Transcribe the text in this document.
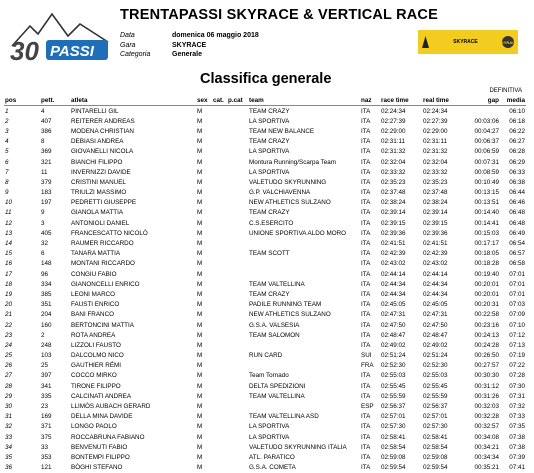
30 PASSI
TRENTAPASSI SKYRACE & VERTICAL RACE
Data	domenica 06 maggio 2018
Gara	SKYRACE
Categoria	Generale
SKYRACE	SKYRACE
Classifica generale
DEFINITIVA
pos	pett.	atleta	sex	cat.	p.cat	team	naz	race time	real time	gap	media
1	4	PINTARELLI GIL	M			TEAM CRAZY	ITA	02:24:34	02:24:34		06:10
2	407	REITERER ANDREAS	M			LA SPORTIVA	ITA	02:27:39	02:27:39	00:03:06	06:18
3	386	MODENA CHRISTIAN	M			TEAM NEW BALANCE	ITA	02:29:00	02:29:00	00:04:27	06:22
4	8	DEBIASI ANDREA	M			TEAM CRAZY	ITA	02:31:11	02:31:11	00:06:37	06:27
5	369	GIOVANELLI NICOLA	M			LA SPORTIVA	ITA	02:31:32	02:31:32	00:06:59	06:28
6	321	BIANCHI FILIPPO	M			Montura Running/Scarpa Team	ITA	02:32:04	02:32:04	00:07:31	06:29
7	11	INVERNIZZI DAVIDE	M			LA SPORTIVA	ITA	02:33:32	02:33:32	00:08:59	06:33
8	379	CRISTINI MANUEL	M			VALETUDO SKYRUNNING	ITA	02:35:23	02:35:23	00:10:49	06:38
9	183	TRIULZI MASSIMO	M			G.P. VALCHIAVENNA	ITA	02:37:48	02:37:48	00:13:15	06:44
10	197	PEDRETTI GIUSEPPE	M			NEW ATHLETICS SULZANO	ITA	02:38:24	02:38:24	00:13:51	06:46
11	9	GIANOLA MATTIA	M			TEAM CRAZY	ITA	02:39:14	02:39:14	00:14:40	06:48
12	3	ANTONIOLI DANIEL	M			C.S.ESERCITO	ITA	02:39:15	02:39:15	00:14:41	06:48
13	405	FRANCESCATTO NICOLÒ	M			UNIONE SPORTIVA ALDO MORO	ITA	02:39:36	02:39:36	00:15:03	06:49
14	32	RAUMER RICCARDO	M				ITA	02:41:51	02:41:51	00:17:17	06:54
15	6	TANARA MATTIA	M			TEAM SCOTT	ITA	02:42:39	02:42:39	00:18:05	06:57
16	148	MONTANI RICCARDO	M				ITA	02:43:02	02:43:02	00:18:28	06:58
17	96	CONGIU FABIO	M				ITA	02:44:14	02:44:14	00:19:40	07:01
18	334	GIANONCELLI ENRICO	M			TEAM VALTELLINA	ITA	02:44:34	02:44:34	00:20:01	07:01
19	385	LEONI MARCO	M			TEAM CRAZY	ITA	02:44:34	02:44:34	00:20:01	07:01
20	351	FAUSTI ENRICO	M			PADILE RUNNING TEAM	ITA	02:45:05	02:45:05	00:20:31	07:03
21	204	BANI FRANCO	M			NEW ATHLETICS SULZANO	ITA	02:47:31	02:47:31	00:22:58	07:09
22	160	BERTONCINI MATTIA	M			G.S.A. VALSESIA	ITA	02:47:50	02:47:50	00:23:16	07:10
23	2	ROTA ANDREA	M			TEAM SALOMON	ITA	02:48:47	02:48:47	00:24:13	07:12
24	248	LIZZOLI FAUSTO	M				ITA	02:49:02	02:49:02	00:24:28	07:13
25	103	DALCOLMO NICO	M			RUN CARD	SUI	02:51:24	02:51:24	00:26:50	07:19
26	25	GAUTHIER RÉMI	M				FRA	02:52:30	02:52:30	00:27:57	07:22
27	397	COCCO MIRKO	M			Team Tornado	ITA	02:55:03	02:55:03	00:30:30	07:28
28	341	TIRONE FILIPPO	M			DELTA SPEDIZIONI	ITA	02:55:45	02:55:45	00:31:12	07:30
29	335	CALCINATI ANDREA	M			TEAM VALTELLINA	ITA	02:55:59	02:55:59	00:31:26	07:31
30	23	LLIMÓS AUBACH GERARD	M				ESP	02:56:37	02:56:37	00:32:03	07:32
31	169	DELLA MINA DAVIDE	M			TEAM VALTELLINA ASD	ITA	02:57:01	02:57:01	00:32:28	07:33
32	371	LONGO PAOLO	M			LA SPORTIVA	ITA	02:57:30	02:57:30	00:32:57	07:35
33	375	ROCCABRUNA FABIANO	M			LA SPORTIVA	ITA	02:58:41	02:58:41	00:34:08	07:38
34	33	BENVENUTI FABIO	M			VALETUDO SKYRUNNING ITALIA	ITA	02:58:54	02:58:54	00:34:21	07:38
35	353	BONTEMPI FILIPPO	M			ATL. PARATICO	ITA	02:59:08	02:59:08	00:34:34	07:39
36	121	BÒGHI STEFANO	M			G.S.A. COMETA	ITA	02:59:54	02:59:54	00:35:21	07:41
